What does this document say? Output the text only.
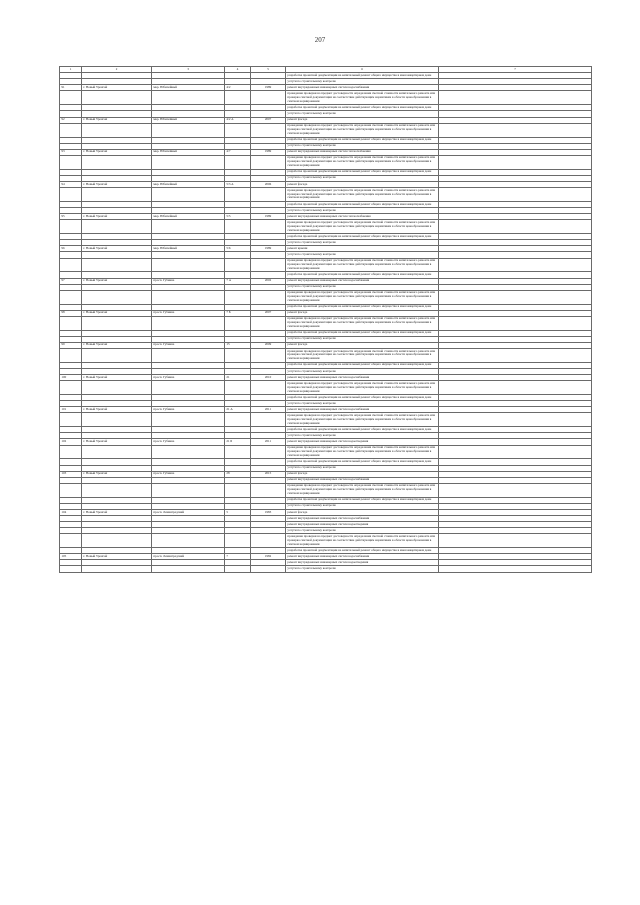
207
1	2	3	4	5	6	7
					разработка проектной документации на капитальный ремонт общего имущества в многоквартирном доме	
					услуги по строительному контролю	
91	г. Новый Уренгой	мкр. Юбилейный	4/2	1989	ремонт внутридомовых инженерных систем водоснабжения	
					проведение проверки на предмет достоверности определения сметной стоимости капитального ремонта или проверка сметной документации на соответствие действующим нормативам в области ценообразования в сметном нормировании	
					разработка проектной документации на капитальный ремонт общего имущества в многоквартирном доме	
					услуги по строительному контролю	
92	г. Новый Уренгой	мкр. Юбилейный	4/2 А	2007	ремонт фасада	
					проведение проверки на предмет достоверности определения сметной стоимости капитального ремонта или проверка сметной документации на соответствие действующим нормативам в области ценообразования в сметном нормировании	
					разработка проектной документации на капитальный ремонт общего имущества в многоквартирном доме	
					услуги по строительному контролю	
93	г. Новый Уренгой	мкр. Юбилейный	4/7	1989	ремонт внутридомовых инженерных систем теплоснабжения	
					проведение проверки на предмет достоверности определения сметной стоимости капитального ремонта или проверка сметной документации на соответствие действующим нормативам в области ценообразования в сметном нормировании	
					разработка проектной документации на капитальный ремонт общего имущества в многоквартирном доме	
					услуги по строительному контролю	
94	г. Новый Уренгой	мкр. Юбилейный	5/3 А	2006	ремонт фасада	
					проведение проверки на предмет достоверности определения сметной стоимости капитального ремонта или проверка сметной документации на соответствие действующим нормативам в области ценообразования в сметном нормировании	
					разработка проектной документации на капитальный ремонт общего имущества в многоквартирном доме	
					услуги по строительному контролю	
95	г. Новый Уренгой	мкр. Юбилейный	5/5	1989	ремонт внутридомовых инженерных систем теплоснабжения	
					проведение проверки на предмет достоверности определения сметной стоимости капитального ремонта или проверка сметной документации на соответствие действующим нормативам в области ценообразования в сметном нормировании	
					разработка проектной документации на капитальный ремонт общего имущества в многоквартирном доме	
					услуги по строительному контролю	
96	г. Новый Уренгой	мкр. Юбилейный	5/6	1989	ремонт крыши	
					услуги по строительному контролю	
					проведение проверки на предмет достоверности определения сметной стоимости капитального ремонта или проверка сметной документации на соответствие действующим нормативам в области ценообразования в сметном нормировании	
					разработка проектной документации на капитальный ремонт общего имущества в многоквартирном доме	
97	г. Новый Уренгой	просп. Губкина	7 А	2002	ремонт внутридомовых инженерных систем водоснабжения	
					услуги по строительному контролю	
					проведение проверки на предмет достоверности определения сметной стоимости капитального ремонта или проверка сметной документации на соответствие действующим нормативам в области ценообразования в сметном нормировании	
					разработка проектной документации на капитальный ремонт общего имущества в многоквартирном доме	
98	г. Новый Уренгой	просп. Губкина	7 Б	2007	ремонт фасада	
					проведение проверки на предмет достоверности определения сметной стоимости капитального ремонта или проверка сметной документации на соответствие действующим нормативам в области ценообразования в сметном нормировании	
					разработка проектной документации на капитальный ремонт общего имущества в многоквартирном доме	
					услуги по строительному контролю	
99	г. Новый Уренгой	просп. Губкина	15	2009	ремонт фасада	
					проведение проверки на предмет достоверности определения сметной стоимости капитального ремонта или проверка сметной документации на соответствие действующим нормативам в области ценообразования в сметном нормировании	
					разработка проектной документации на капитальный ремонт общего имущества в многоквартирном доме	
					услуги по строительному контролю	
100	г. Новый Уренгой	просп. Губкина	21	2010	ремонт внутридомовых инженерных систем водоснабжения	
					проведение проверки на предмет достоверности определения сметной стоимости капитального ремонта или проверка сметной документации на соответствие действующим нормативам в области ценообразования в сметном нормировании	
					разработка проектной документации на капитальный ремонт общего имущества в многоквартирном доме	
					услуги по строительному контролю	
101	г. Новый Уренгой	просп. Губкина	21 А	2011	ремонт внутридомовых инженерных систем водоснабжения	
					проведение проверки на предмет достоверности определения сметной стоимости капитального ремонта или проверка сметной документации на соответствие действующим нормативам в области ценообразования в сметном нормировании	
					разработка проектной документации на капитальный ремонт общего имущества в многоквартирном доме	
					услуги по строительному контролю	
102	г. Новый Уренгой	просп. Губкина	21 Б	2011	ремонт внутридомовых инженерных систем водоотведения	
					проведение проверки на предмет достоверности определения сметной стоимости капитального ремонта или проверка сметной документации на соответствие действующим нормативам в области ценообразования в сметном нормировании	
					разработка проектной документации на капитальный ремонт общего имущества в многоквартирном доме	
					услуги по строительному контролю	
103	г. Новый Уренгой	просп. Губкина	28	2015	ремонт фасада	
					ремонт внутридомовых инженерных систем водоснабжения	
					проведение проверки на предмет достоверности определения сметной стоимости капитального ремонта или проверка сметной документации на соответствие действующим нормативам в области ценообразования в сметном нормировании	
					разработка проектной документации на капитальный ремонт общего имущества в многоквартирном доме	
					услуги по строительному контролю	
104	г. Новый Уренгой	просп. Ленинградский	5	1983	ремонт фасада	
					ремонт внутридомовых инженерных систем водоснабжения	
					ремонт внутридомовых инженерных систем водоотведения	
					услуги по строительному контролю	
					проведение проверки на предмет достоверности определения сметной стоимости капитального ремонта или проверка сметной документации на соответствие действующим нормативам в области ценообразования в сметном нормировании	
					разработка проектной документации на капитальный ремонт общего имущества в многоквартирном доме	
105	г. Новый Уренгой	просп. Ленинградский	7	1982	ремонт внутридомовых инженерных систем водоснабжения	
					ремонт внутридомовых инженерных систем водоотведения	
					услуги по строительному контролю	
